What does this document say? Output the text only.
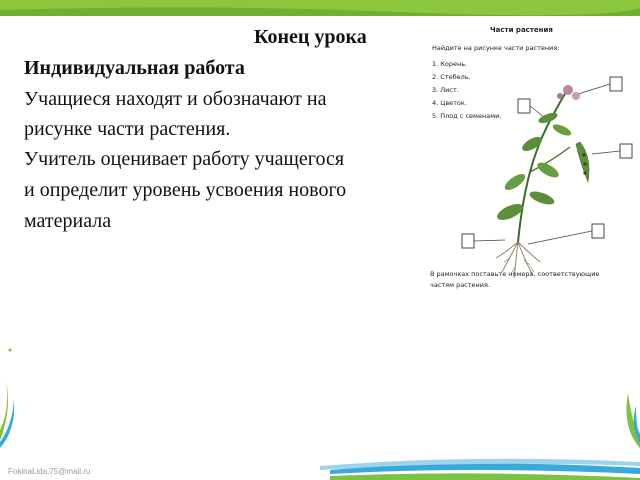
Конец урока
Индивидуальная работа
Учащиеся находят и обозначают на
рисунке части растения.
Учитель оценивает работу учащегося
и определит уровень усвоения нового
материала
Части растения
Найдите на рисунке части растения:
1. Корень.
2. Стебель.
3. Лист.
4. Цветок.
5. Плод с семенами.
В рамочках поставьте номера, соответствующие
частям растения.
FokinaLida.75@mail.ru
